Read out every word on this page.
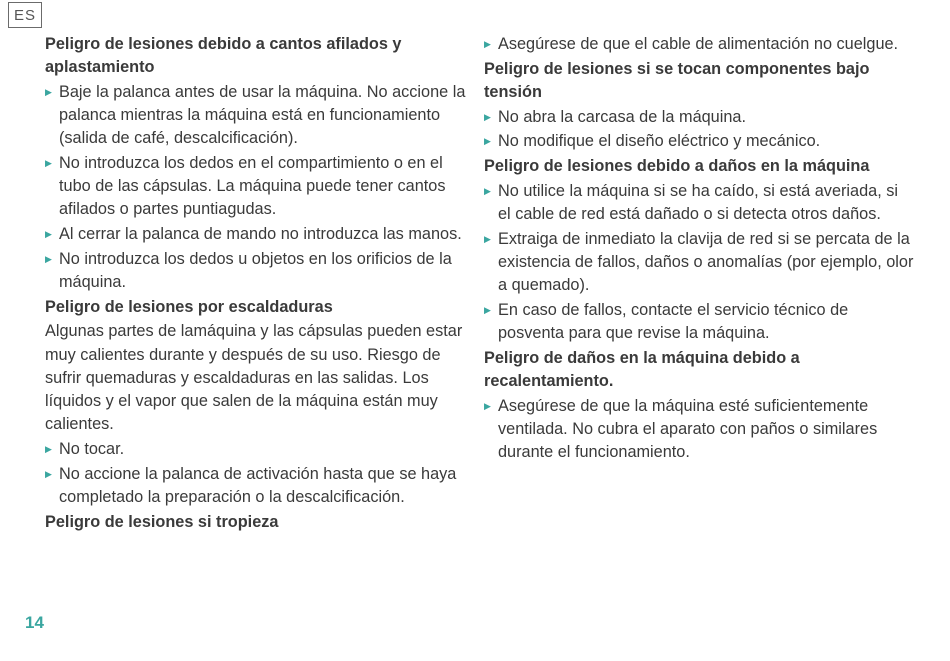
ES
Peligro de lesiones debido a cantos afilados y aplastamiento
▶ Baje la palanca antes de usar la máquina. No accione la palanca mientras la máquina está en funcionamiento (salida de café, descalcificación).
▶ No introduzca los dedos en el compartimiento o en el tubo de las cápsulas. La máquina puede tener cantos afilados o partes puntiagudas.
▶ Al cerrar la palanca de mando no introduzca las manos.
▶ No introduzca los dedos u objetos en los orificios de la máquina.
Peligro de lesiones por escaldaduras
Algunas partes de lamáquina y las cápsulas pueden estar muy calientes durante y después de su uso. Riesgo de sufrir quemaduras y escaldaduras en las salidas. Los líquidos y el vapor que salen de la máquina están muy calientes.
▶ No tocar.
▶ No accione la palanca de activación hasta que se haya completado la preparación o la descalcificación.
Peligro de lesiones si tropieza
▶ Asegúrese de que el cable de alimentación no cuelgue.
Peligro de lesiones si se tocan componentes bajo tensión
▶ No abra la carcasa de la máquina.
▶ No modifique el diseño eléctrico y mecánico.
Peligro de lesiones debido a daños en la máquina
▶ No utilice la máquina si se ha caído, si está averiada, si el cable de red está dañado o si detecta otros daños.
▶ Extraiga de inmediato la clavija de red si se percata de la existencia de fallos, daños o anomalías (por ejemplo, olor a quemado).
▶ En caso de fallos, contacte el servicio técnico de posventa para que revise la máquina.
Peligro de daños en la máquina debido a recalentamiento.
▶ Asegúrese de que la máquina esté suficientemente ventilada. No cubra el aparato con paños o similares durante el funcionamiento.
14
